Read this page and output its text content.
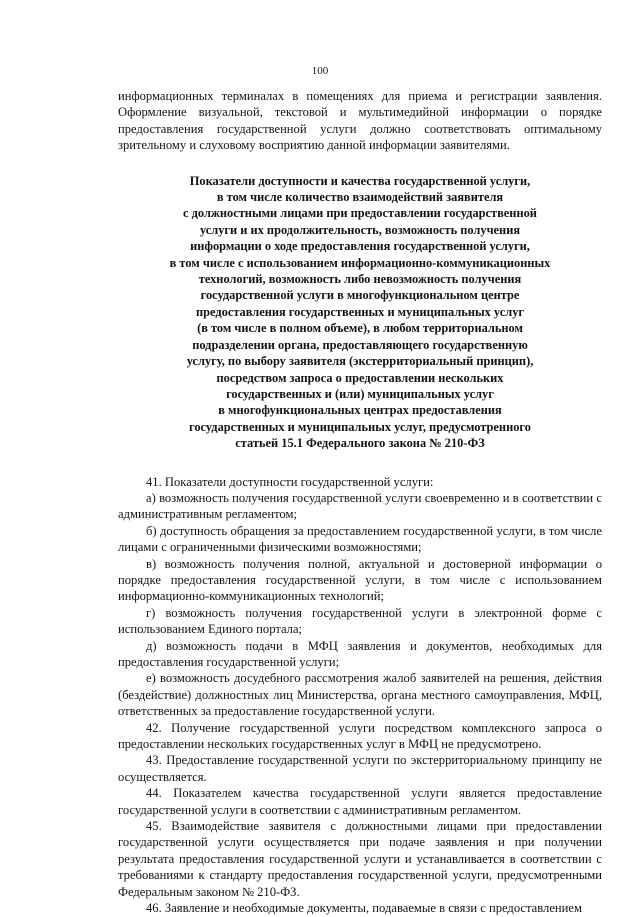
100

информационных терминалах в помещениях для приема и регистрации заявления. Оформление визуальной, текстовой и мультимедийной информации о порядке предоставления государственной услуги должно соответствовать оптимальному зрительному и слуховому восприятию данной информации заявителями.

Показатели доступности и качества государственной услуги,
в том числе количество взаимодействий заявителя
с должностными лицами при предоставлении государственной
услуги и их продолжительность, возможность получения
информации о ходе предоставления государственной услуги,
в том числе с использованием информационно-коммуникационных
технологий, возможность либо невозможность получения
государственной услуги в многофункциональном центре
предоставления государственных и муниципальных услуг
(в том числе в полном объеме), в любом территориальном
подразделении органа, предоставляющего государственную
услугу, по выбору заявителя (экстерриториальный принцип),
посредством запроса о предоставлении нескольких
государственных и (или) муниципальных услуг
в многофункциональных центрах предоставления
государственных и муниципальных услуг, предусмотренного
статьей 15.1 Федерального закона № 210-ФЗ

41. Показатели доступности государственной услуги:

а) возможность получения государственной услуги своевременно и в соответствии с административным регламентом;

б) доступность обращения за предоставлением государственной услуги, в том числе лицами с ограниченными физическими возможностями;

в) возможность получения полной, актуальной и достоверной информации о порядке предоставления государственной услуги, в том числе с использованием информационно-коммуникационных технологий;

г) возможность получения государственной услуги в электронной форме с использованием Единого портала;

д) возможность подачи в МФЦ заявления и документов, необходимых для предоставления государственной услуги;

е) возможность досудебного рассмотрения жалоб заявителей на решения, действия (бездействие) должностных лиц Министерства, органа местного самоуправления, МФЦ, ответственных за предоставление государственной услуги.

42. Получение государственной услуги посредством комплексного запроса о предоставлении нескольких государственных услуг в МФЦ не предусмотрено.

43. Предоставление государственной услуги по экстерриториальному принципу не осуществляется.

44. Показателем качества государственной услуги является предоставление государственной услуги в соответствии с административным регламентом.

45. Взаимодействие заявителя с должностными лицами при предоставлении государственной услуги осуществляется при подаче заявления и при получении результата предоставления государственной услуги и устанавливается в соответствии с требованиями к стандарту предоставления государственной услуги, предусмотренными Федеральным законом № 210-ФЗ.

46. Заявление и необходимые документы, подаваемые в связи с предоставлением
